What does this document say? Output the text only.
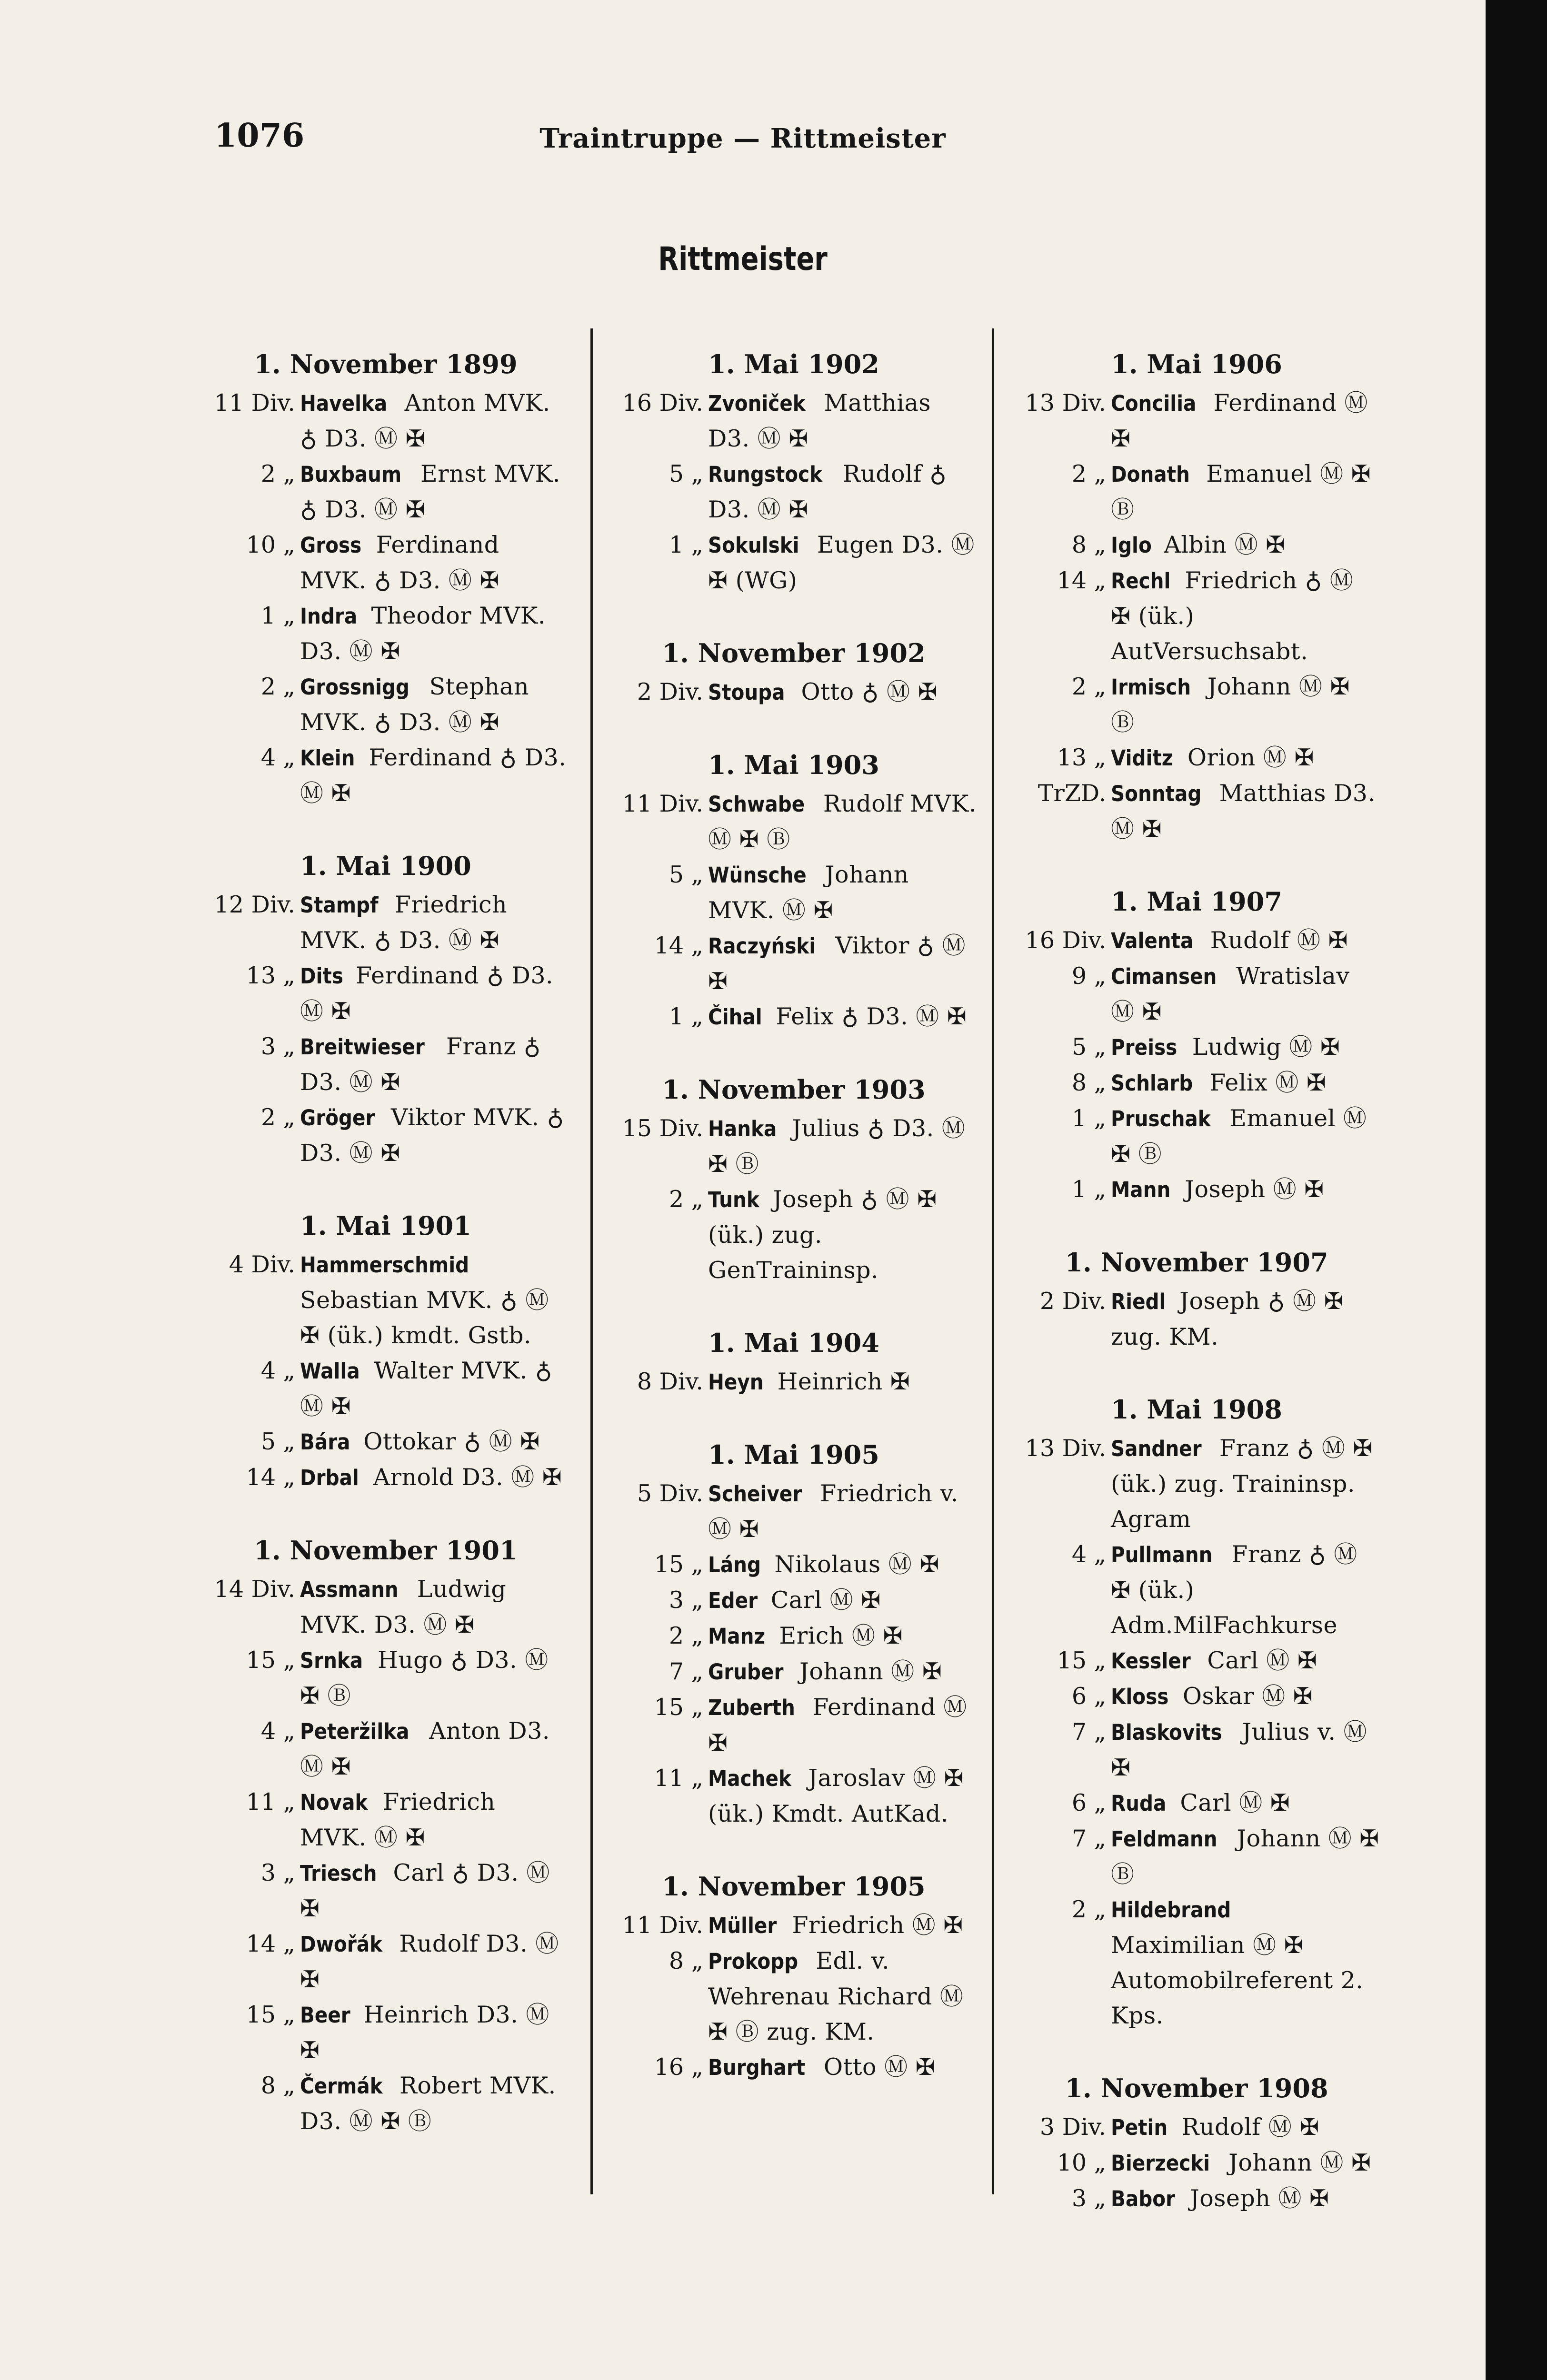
1076	Traintruppe — Rittmeister
Rittmeister
1. November 1899
11 Div. Havelka Anton MVK. ♁ D3. Ⓜ ✠
2 „ Buxbaum Ernst MVK. ♁ D3. Ⓜ ✠
10 „ Gross Ferdinand MVK. ♁ D3. Ⓜ ✠
1 „ Indra Theodor MVK. D3. Ⓜ ✠
2 „ Grossnigg Stephan MVK. ♁ D3. Ⓜ ✠
4 „ Klein Ferdinand ♁ D3. Ⓜ ✠
1. Mai 1900
12 Div. Stampf Friedrich MVK. ♁ D3. Ⓜ ✠
13 „ Dits Ferdinand ♁ D3. Ⓜ ✠
3 „ Breitwieser Franz ♁ D3. Ⓜ ✠
2 „ Gröger Viktor MVK. ♁ D3. Ⓜ ✠
1. Mai 1901
4 Div. Hammerschmid Sebastian MVK. ♁ Ⓜ ✠ (ük.) kmdt. Gstb.
4 „ Walla Walter MVK. ♁ Ⓜ ✠
5 „ Bára Ottokar ♁ Ⓜ ✠
14 „ Drbal Arnold D3. Ⓜ ✠
1. November 1901
14 Div. Assmann Ludwig MVK. D3. Ⓜ ✠
15 „ Srnka Hugo ♁ D3. Ⓜ ✠ Ⓑ
4 „ Peteržilka Anton D3. Ⓜ ✠
11 „ Novak Friedrich MVK. Ⓜ ✠
3 „ Triesch Carl ♁ D3. Ⓜ ✠
14 „ Dwořák Rudolf D3. Ⓜ ✠
15 „ Beer Heinrich D3. Ⓜ ✠
8 „ Čermák Robert MVK. D3. Ⓜ ✠ Ⓑ
1. Mai 1902
16 Div. Zvoniček Matthias D3. Ⓜ ✠
5 „ Rungstock Rudolf ♁ D3. Ⓜ ✠
1 „ Sokulski Eugen D3. Ⓜ ✠ (WG)
1. November 1902
2 Div. Stoupa Otto ♁ Ⓜ ✠
1. Mai 1903
11 Div. Schwabe Rudolf MVK. Ⓜ ✠ Ⓑ
5 „ Wünsche Johann MVK. Ⓜ ✠
14 „ Raczyński Viktor ♁ Ⓜ ✠
1 „ Čihal Felix ♁ D3. Ⓜ ✠
1. November 1903
15 Div. Hanka Julius ♁ D3. Ⓜ ✠ Ⓑ
2 „ Tunk Joseph ♁ Ⓜ ✠ (ük.) zug. GenTraininsp.
1. Mai 1904
8 Div. Heyn Heinrich ✠
1. Mai 1905
5 Div. Scheiver Friedrich v. Ⓜ ✠
15 „ Láng Nikolaus Ⓜ ✠
3 „ Eder Carl Ⓜ ✠
2 „ Manz Erich Ⓜ ✠
7 „ Gruber Johann Ⓜ ✠
15 „ Zuberth Ferdinand Ⓜ ✠
11 „ Machek Jaroslav Ⓜ ✠ (ük.) Kmdt. AutKad.
1. November 1905
11 Div. Müller Friedrich Ⓜ ✠
8 „ Prokopp Edl. v. Wehrenau Richard Ⓜ ✠ Ⓑ zug. KM.
16 „ Burghart Otto Ⓜ ✠
1. Mai 1906
13 Div. Concilia Ferdinand Ⓜ ✠
2 „ Donath Emanuel Ⓜ ✠ Ⓑ
8 „ Iglo Albin Ⓜ ✠
14 „ Rechl Friedrich ♁ Ⓜ ✠ (ük.) AutVersuchsabt.
2 „ Irmisch Johann Ⓜ ✠ Ⓑ
13 „ Viditz Orion Ⓜ ✠
TrZD. Sonntag Matthias D3. Ⓜ ✠
1. Mai 1907
16 Div. Valenta Rudolf Ⓜ ✠
9 „ Cimansen Wratislav Ⓜ ✠
5 „ Preiss Ludwig Ⓜ ✠
8 „ Schlarb Felix Ⓜ ✠
1 „ Pruschak Emanuel Ⓜ ✠ Ⓑ
1 „ Mann Joseph Ⓜ ✠
1. November 1907
2 Div. Riedl Joseph ♁ Ⓜ ✠ zug. KM.
1. Mai 1908
13 Div. Sandner Franz ♁ Ⓜ ✠ (ük.) zug. Traininsp. Agram
4 „ Pullmann Franz ♁ Ⓜ ✠ (ük.) Adm.MilFachkurse
15 „ Kessler Carl Ⓜ ✠
6 „ Kloss Oskar Ⓜ ✠
7 „ Blaskovits Julius v. Ⓜ ✠
6 „ Ruda Carl Ⓜ ✠
7 „ Feldmann Johann Ⓜ ✠ Ⓑ
2 „ Hildebrand Maximilian Ⓜ ✠ Automobilreferent 2. Kps.
1. November 1908
3 Div. Petin Rudolf Ⓜ ✠
10 „ Bierzecki Johann Ⓜ ✠
3 „ Babor Joseph Ⓜ ✠
